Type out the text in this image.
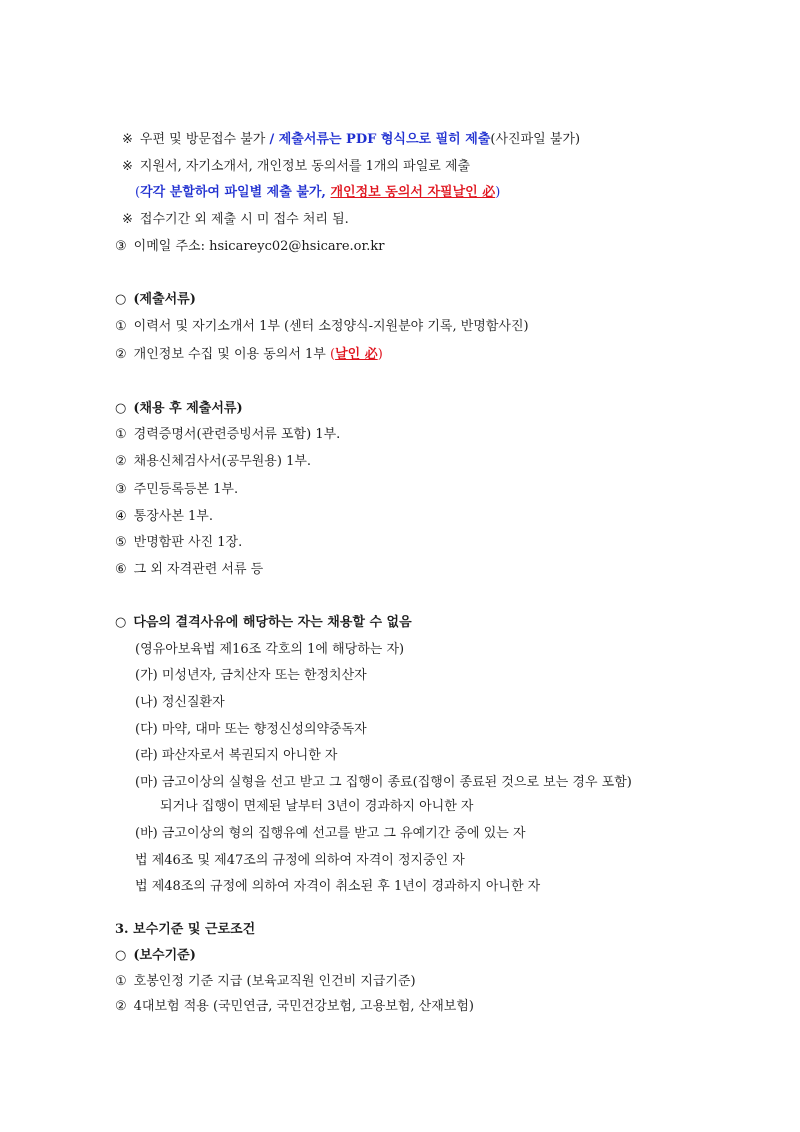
※ 우편 및 방문접수 불가 / 제출서류는 PDF 형식으로 필히 제출(사진파일 불가)
※ 지원서, 자기소개서, 개인정보 동의서를 1개의 파일로 제출
(각각 분할하여 파일별 제출 불가, 개인정보 동의서 자필날인 必)
※ 접수기간 외 제출 시 미 접수 처리 됨.
③ 이메일 주소: hsicareyc02@hsicare.or.kr
○ (제출서류)
① 이력서 및 자기소개서 1부 (센터 소정양식-지원분야 기록, 반명함사진)
② 개인정보 수집 및 이용 동의서 1부 (날인 必)
○ (채용 후 제출서류)
① 경력증명서(관련증빙서류 포함) 1부.
② 채용신체검사서(공무원용) 1부.
③ 주민등록등본 1부.
④ 통장사본 1부.
⑤ 반명함판 사진 1장.
⑥ 그 외 자격관련 서류 등
○ 다음의 결격사유에 해당하는 자는 채용할 수 없음
(영유아보육법 제16조 각호의 1에 해당하는 자)
(가) 미성년자, 금치산자 또는 한정치산자
(나) 정신질환자
(다) 마약, 대마 또는 향정신성의약중독자
(라) 파산자로서 복권되지 아니한 자
(마) 금고이상의 실형을 선고 받고 그 집행이 종료(집행이 종료된 것으로 보는 경우 포함)
되거나 집행이 면제된 날부터 3년이 경과하지 아니한 자
(바) 금고이상의 형의 집행유예 선고를 받고 그 유예기간 중에 있는 자
법 제46조 및 제47조의 규정에 의하여 자격이 정지중인 자
법 제48조의 규정에 의하여 자격이 취소된 후 1년이 경과하지 아니한 자
3. 보수기준 및 근로조건
○ (보수기준)
① 호봉인정 기준 지급 (보육교직원 인건비 지급기준)
② 4대보험 적용 (국민연금, 국민건강보험, 고용보험, 산재보험)
